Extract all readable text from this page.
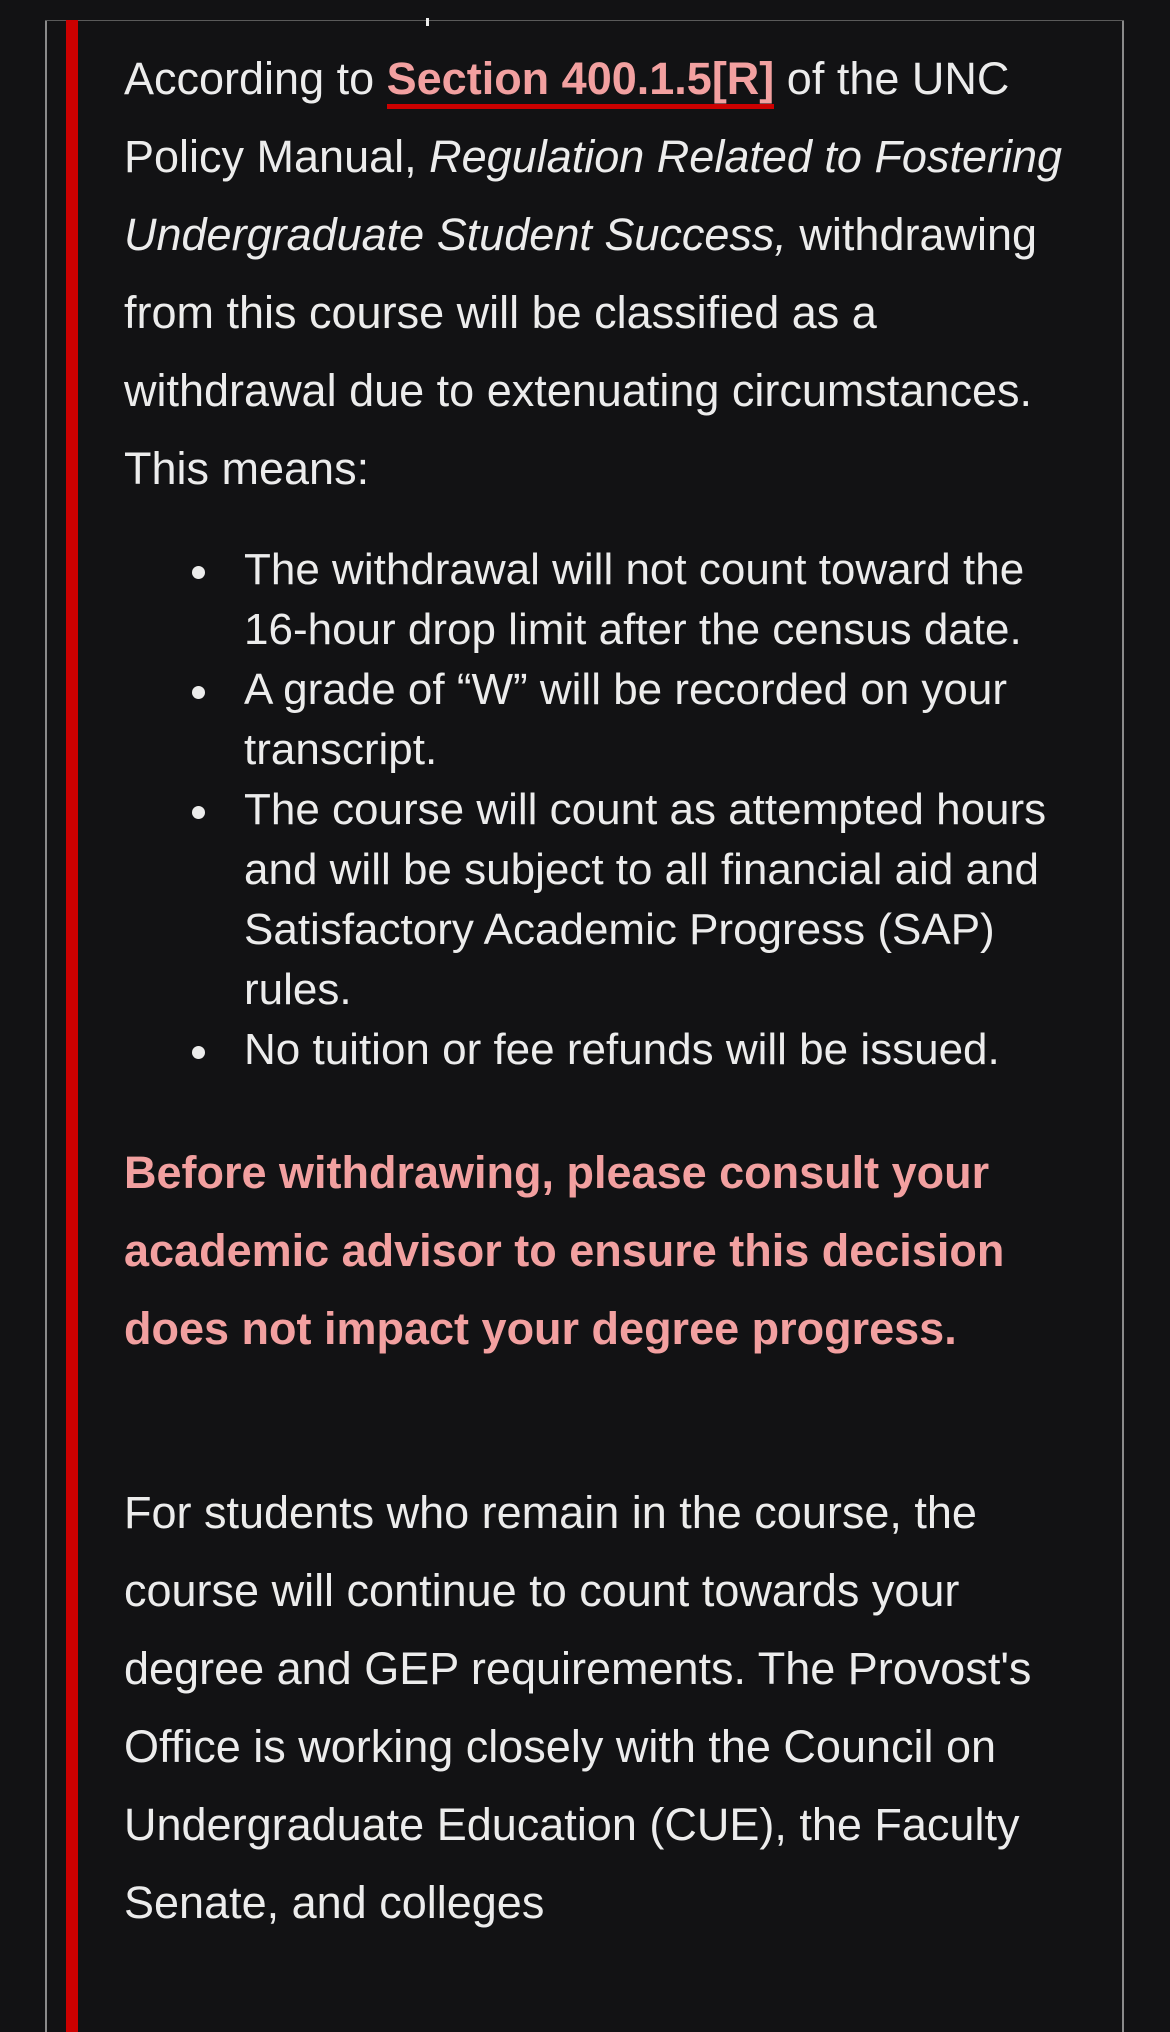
According to Section 400.1.5[R] of the UNC Policy Manual, Regulation Related to Fostering Undergraduate Student Success, withdrawing from this course will be classified as a withdrawal due to extenuating circumstances. This means:

The withdrawal will not count toward the 16-hour drop limit after the census date.
A grade of “W” will be recorded on your transcript.
The course will count as attempted hours and will be subject to all financial aid and Satisfactory Academic Progress (SAP) rules.
No tuition or fee refunds will be issued.

Before withdrawing, please consult your academic advisor to ensure this decision does not impact your degree progress.

For students who remain in the course, the course will continue to count towards your degree and GEP requirements. The Provost's Office is working closely with the Council on Undergraduate Education (CUE), the Faculty Senate, and colleges
